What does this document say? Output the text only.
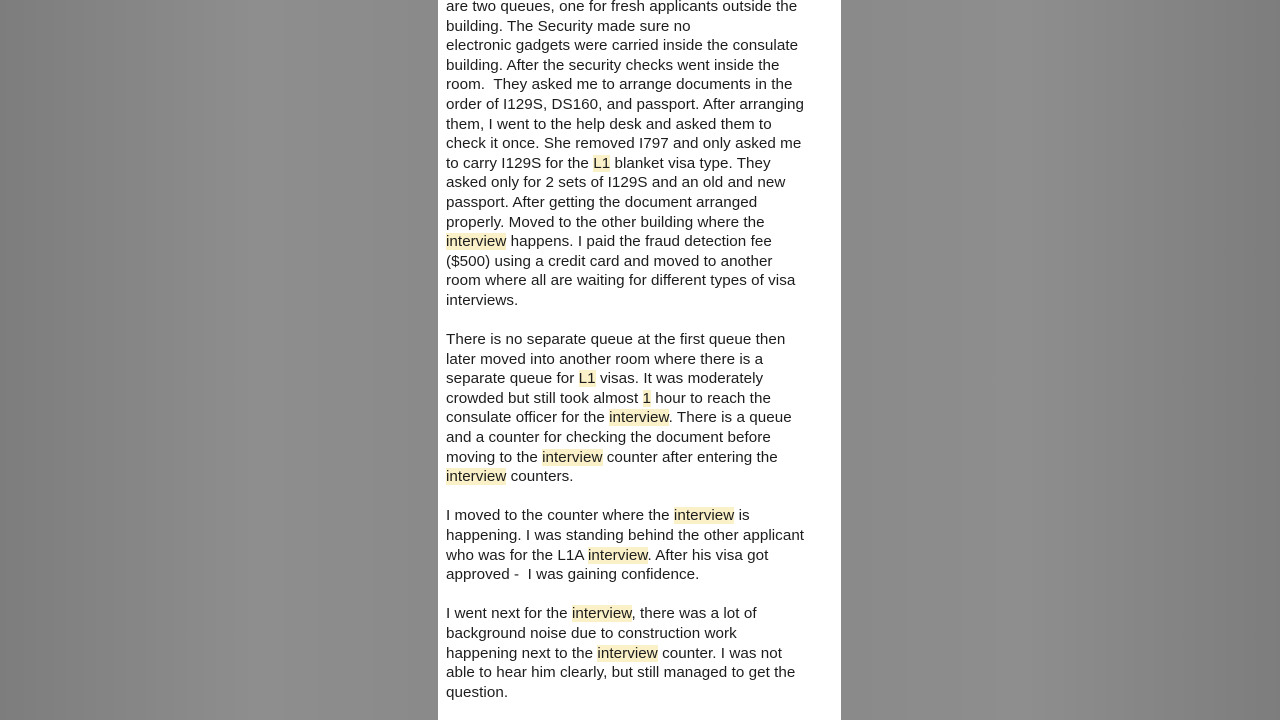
are two queues, one for fresh applicants outside the
building. The Security made sure no
electronic gadgets were carried inside the consulate
building. After the security checks went inside the
room.  They asked me to arrange documents in the
order of I129S, DS160, and passport. After arranging
them, I went to the help desk and asked them to
check it once. She removed I797 and only asked me
to carry I129S for the L1 blanket visa type. They
asked only for 2 sets of I129S and an old and new
passport. After getting the document arranged
properly. Moved to the other building where the
interview happens. I paid the fraud detection fee
($500) using a credit card and moved to another
room where all are waiting for different types of visa
interviews.

There is no separate queue at the first queue then
later moved into another room where there is a
separate queue for L1 visas. It was moderately
crowded but still took almost 1 hour to reach the
consulate officer for the interview. There is a queue
and a counter for checking the document before
moving to the interview counter after entering the
interview counters.

I moved to the counter where the interview is
happening. I was standing behind the other applicant
who was for the L1A interview. After his visa got
approved -  I was gaining confidence.

I went next for the interview, there was a lot of
background noise due to construction work
happening next to the interview counter. I was not
able to hear him clearly, but still managed to get the
question.
